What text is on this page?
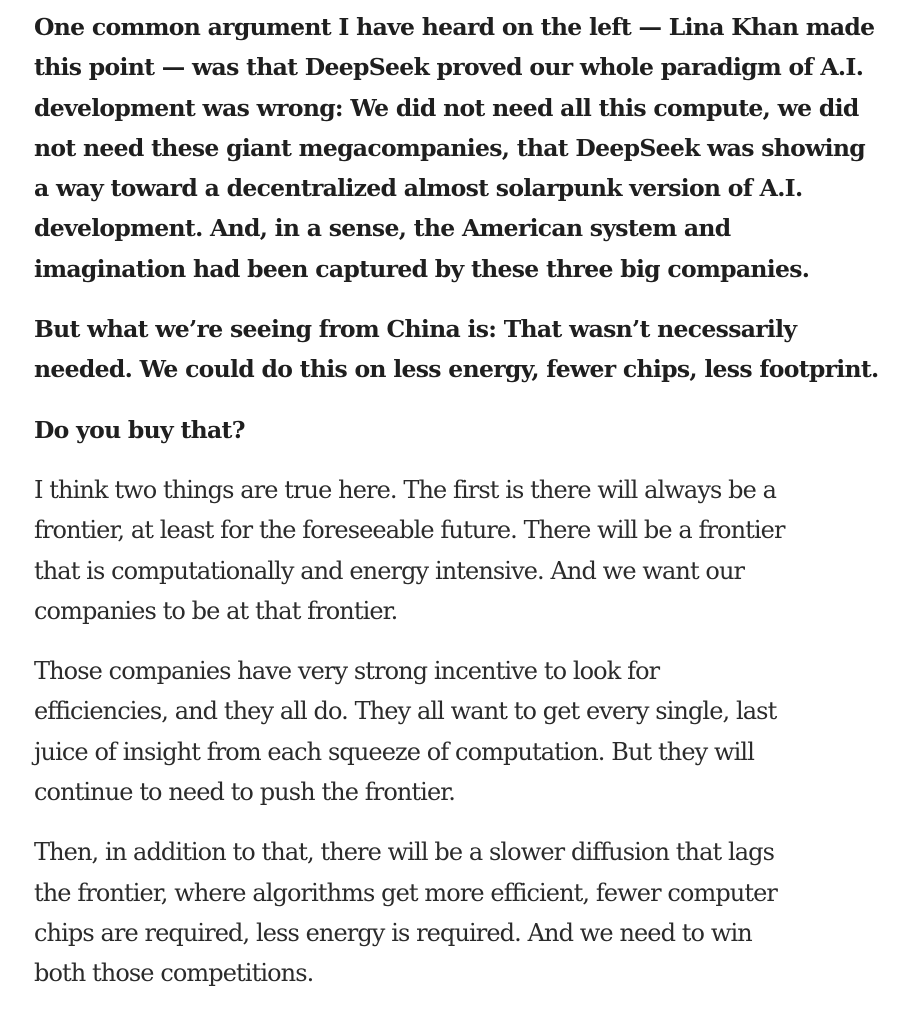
One common argument I have heard on the left — Lina Khan made
this point — was that DeepSeek proved our whole paradigm of A.I.
development was wrong: We did not need all this compute, we did
not need these giant megacompanies, that DeepSeek was showing
a way toward a decentralized almost solarpunk version of A.I.
development. And, in a sense, the American system and
imagination had been captured by these three big companies.

But what we’re seeing from China is: That wasn’t necessarily
needed. We could do this on less energy, fewer chips, less footprint.

Do you buy that?

I think two things are true here. The first is there will always be a
frontier, at least for the foreseeable future. There will be a frontier
that is computationally and energy intensive. And we want our
companies to be at that frontier.

Those companies have very strong incentive to look for
efficiencies, and they all do. They all want to get every single, last
juice of insight from each squeeze of computation. But they will
continue to need to push the frontier.

Then, in addition to that, there will be a slower diffusion that lags
the frontier, where algorithms get more efficient, fewer computer
chips are required, less energy is required. And we need to win
both those competitions.
